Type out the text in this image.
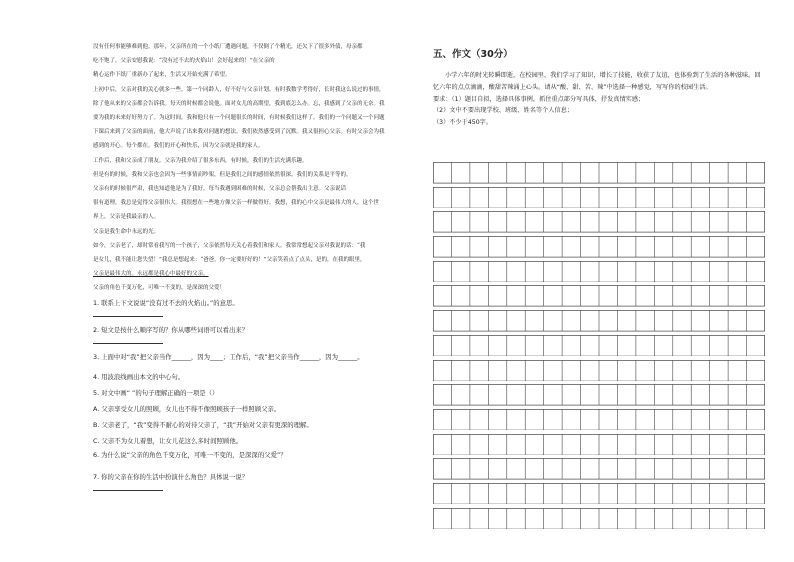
没有任何事能够难到他。那年，父亲所在的一个小纸厂遭遇问题，不仅倒了个精光，还欠下了很多外债，母亲都

吃不饱了。父亲安慰我说：“没有过不去的火焰山！会好起来的！”在父亲的

精心运作下纸厂重新办了起来，生活又开始充满了希望。

上初中后，父亲对我的关心就多一些。第一个同龄人，好不好与父亲计划。有时我数学考得好，长时我这么说过的事情，

除了他从来的父亲都会告诉我。每天的时候都会说他。面对女儿的高期望，我到底怎么办。忘，我感到了父亲的无奈。我

要为我的未来好好努力了。为这时间，我和他只有一个问题很长的时间，有时候我们这样了。我们的一个问题又一个问题

下课后来到了父亲的面前，他大声说了出来我对问题的想法。我们依然感受到了沉默。我又很担心父亲。有时父亲会为我

感到的开心。每个都在。我们的开心和快乐，因为父亲就是我的家人。

工作后，我和父亲成了朋友。父亲为我介绍了很多东西，有时候，我们的生活充满乐趣。

但是有的时候，我和父亲也会因为一些事情而吵架，但是我们之间的感情依然很深。我们的关系是平等的。

父亲有的时候很严肃，我也知道他是为了我好。每当我遇到困难的时候，父亲总会帮我出主意。父亲说话

很有道理，我总是觉得父亲很伟大。我很想在一些地方像父亲一样做得好。我想，我的心中父亲是最伟大的人，这个世

界上，父亲是我最亲的人。

父亲是我生命中永远的光。

如今，父亲老了，却时常看我写的一个孩子，父亲依然每天关心着我们和家人。我常常想起父亲对我说的话：“我

是女儿，我不能让您失望！”我总是想起来：“爸爸，你一定要好好的！”父亲笑着点了点头，是的，在我的眼里，

父亲是最伟大的。永远都是我心中最好的父亲。

父亲的角色千变万化，可唯一不变的，是深深的父爱！

1. 联系上下文说说“没有过不去的火焰山。”的意思。

2. 短文是按什么顺序写的？你从哪些词语可以看出来？

3. 上面中对“我”把父亲当作______，因为____；工作后，“我”把父亲当作______，因为______。

4. 用波浪线画出本文的中心句。

5. 对文中画“ ”的句子理解正确的一项是（）

A. 父亲享受女儿的照顾，女儿也不得不像照顾孩子一样照顾父亲。

B. 父亲老了，“我”变得不耐心的对待父亲了，“我”开始对父亲有更深的理解。

C. 父亲不为女儿着想，让女儿花这么多时间照顾他。

6. 为什么说“父亲的角色千变万化，可唯一不变的，是深深的父爱”？

7. 你的父亲在你的生活中扮演什么角色？具体说一说？

五、作文（30分）

小学六年的时光转瞬即逝，在校园里，我们学习了知识，增长了技能，收获了友谊，也体验到了生活的各种滋味。回忆六年的点点滴滴，酸甜苦辣涌上心头。请从“酸、甜、苦、辣”中选择一种感觉，写写你的校园生活。

要求：（1）题目自拟，选择具体事例，抓住重点部分写具体，抒发真情实感；

（2）文中不要出现学校、班级、姓名等个人信息；

（3）不少于450字。
